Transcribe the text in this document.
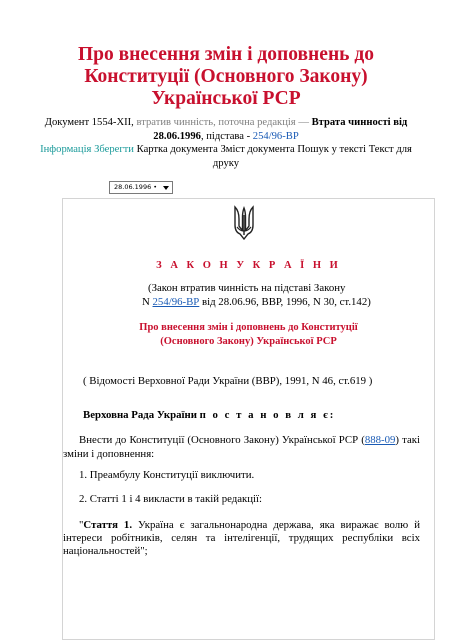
Про внесення змін і доповнень до
Конституції (Основного Закону)
Української РСР
Документ 1554-XII, втратив чинність, поточна редакція — Втрата чинності від 28.06.1996, підстава - 254/96-ВР
Інформація Зберегти Картка документа Зміст документа Пошук у тексті Текст для друку
28.06.1996 •
З А К О Н У К Р А Ї Н И
(Закон втратив чинність на підставі Закону
N 254/96-ВР від 28.06.96, ВВР, 1996, N 30, ст.142)
Про внесення змін і доповнень до Конституції
(Основного Закону) Української РСР
( Відомості Верховної Ради України (ВВР), 1991, N 46, ст.619 )
Верховна Рада України п о с т а н о в л я є:
Внести до Конституції (Основного Закону) Української РСР (888-09) такі зміни і доповнення:
1. Преамбулу Конституції виключити.
2. Статті 1 і 4 викласти в такій редакції:
"Стаття 1. Україна є загальнонародна держава, яка виражає волю й інтереси робітників, селян та інтелігенції, трудящих республіки всіх національностей";
